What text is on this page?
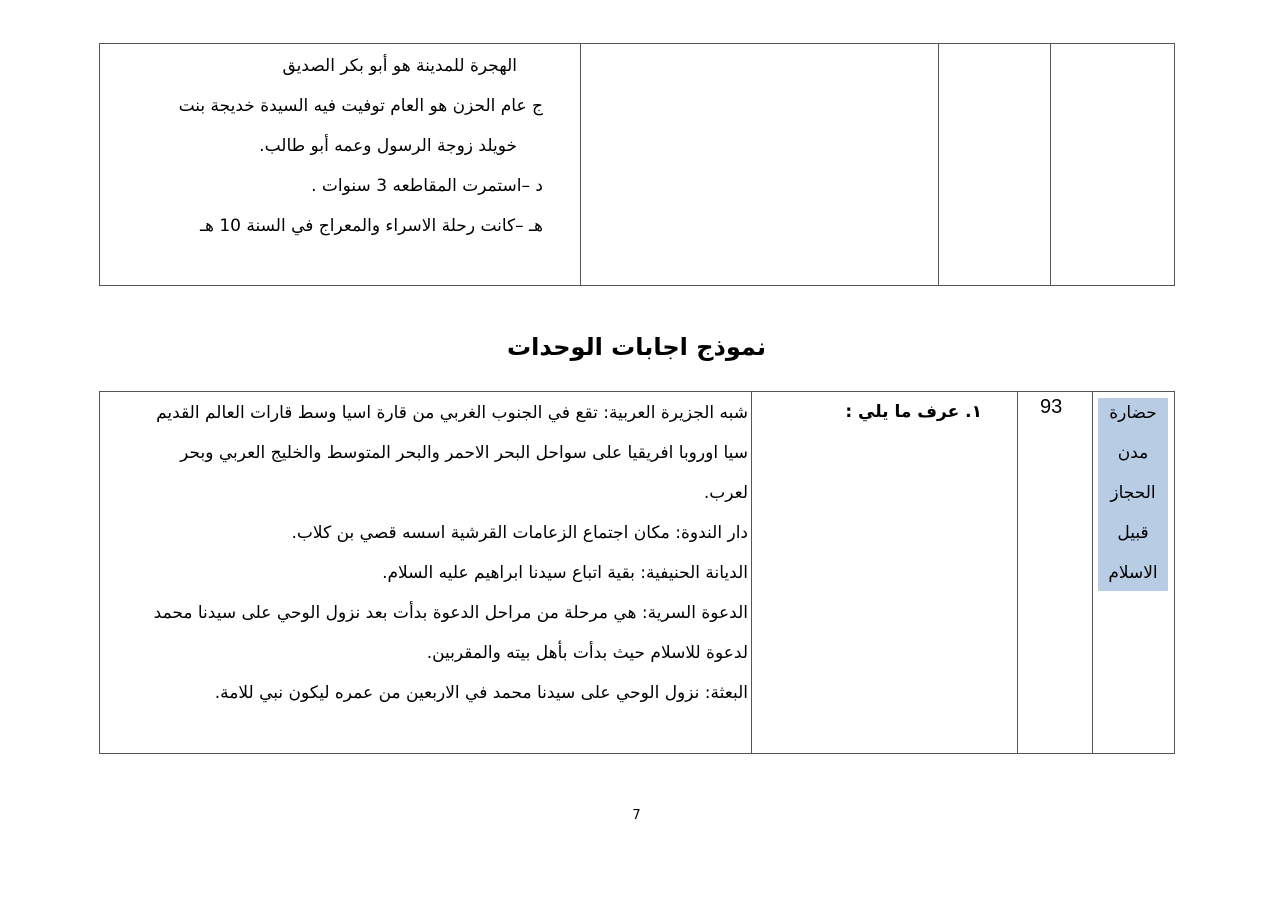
الهجرة للمدينة هو أبو بكر الصديق
ج عام الحزن هو العام توفيت فيه السيدة خديجة بنت
خويلد زوجة الرسول وعمه أبو طالب.
د –استمرت المقاطعه 3 سنوات .
هـ –كانت رحلة الاسراء والمعراج في السنة 10 هـ
نموذج اجابات الوحدات
حضارة
مدن
الحجاز
قبيل
الاسلام
93
١. عرف ما يلي :
شبه الجزيرة العربية: تقع في الجنوب الغربي من قارة اسيا وسط قارات العالم القديم
سيا اوروبا افريقيا على سواحل البحر الاحمر والبحر المتوسط والخليج العربي وبحر
لعرب.
دار الندوة: مكان اجتماع الزعامات القرشية اسسه قصي بن كلاب.
الديانة الحنيفية: بقية اتباع سيدنا ابراهيم عليه السلام.
الدعوة السرية: هي مرحلة من مراحل الدعوة بدأت بعد نزول الوحي على سيدنا محمد
لدعوة للاسلام حيث بدأت بأهل بيته والمقربين.
البعثة: نزول الوحي على سيدنا محمد في الاربعين من عمره ليكون نبي للامة.
7
